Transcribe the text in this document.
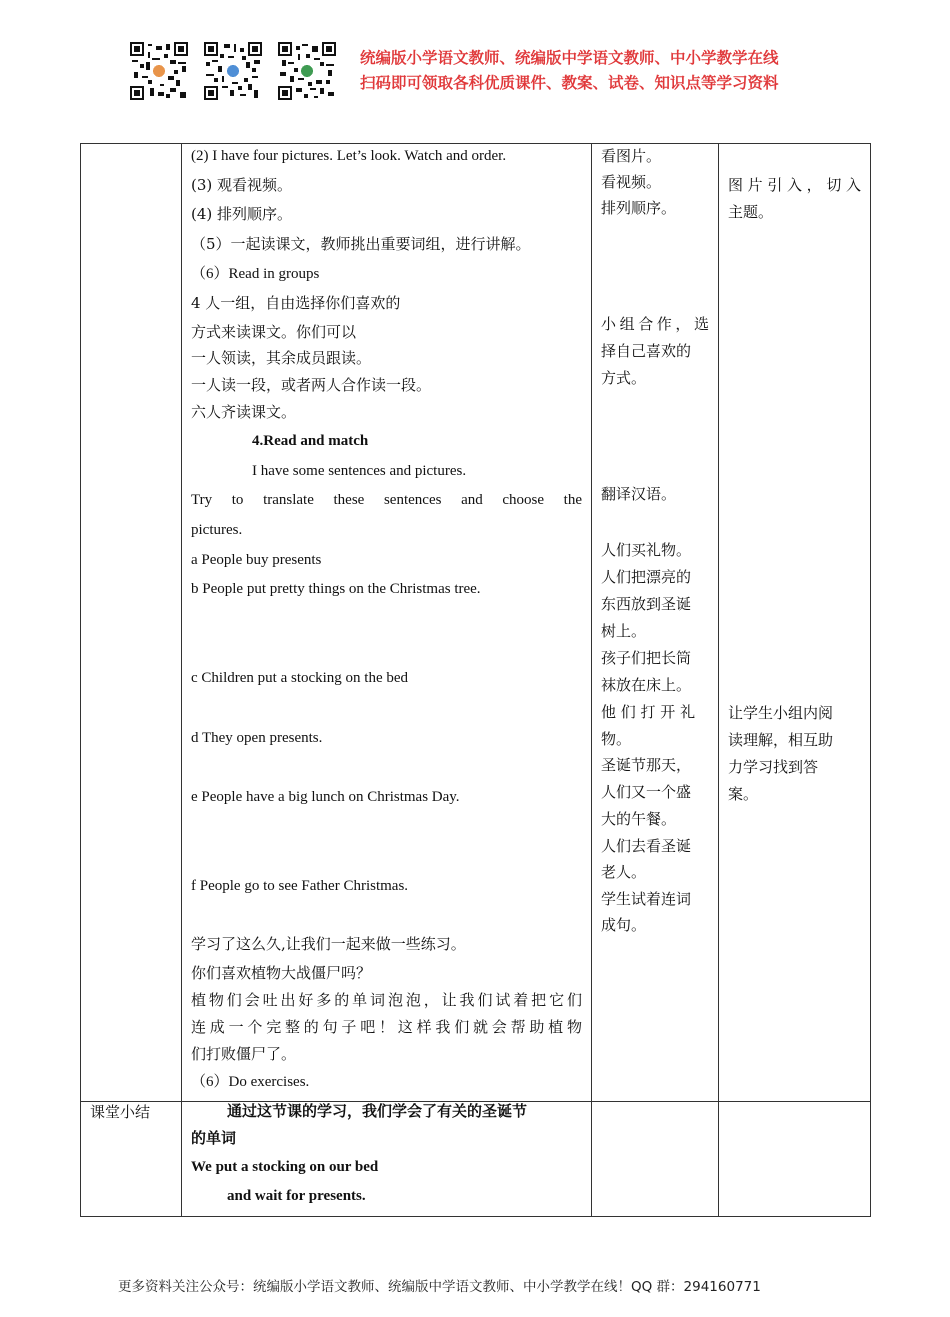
统编版小学语文教师、统编版中学语文教师、中小学教学在线
扫码即可领取各科优质课件、教案、试卷、知识点等学习资料
(2) I have four pictures. Let’s look. Watch and order.
(3) 观看视频。
(4) 排列顺序。
（5）一起读课文，教师挑出重要词组，进行讲解。
（6）Read in groups
4 人一组，自由选择你们喜欢的
方式来读课文。你们可以
一人领读，其余成员跟读。
一人读一段，或者两人合作读一段。
六人齐读课文。
4.Read and match
I have some sentences and pictures.
Try to translate these sentences and choose the
pictures.
a People buy presents
b People put pretty things on the Christmas tree.
c Children put a stocking on the bed
d They open presents.
e People have a big lunch on Christmas Day.
f People go to see Father Christmas.
学习了这么久,让我们一起来做一些练习。
你们喜欢植物大战僵尸吗？
植物们会吐出好多的单词泡泡，让我们试着把它们
连成一个完整的句子吧！这样我们就会帮助植物
们打败僵尸了。
（6）Do exercises.
看图片。
看视频。
排列顺序。
小组合作，选
择自己喜欢的
方式。
翻译汉语。
人们买礼物。
人们把漂亮的
东西放到圣诞
树上。
孩子们把长筒
袜放在床上。
他 们 打 开 礼
物。
圣诞节那天，
人们又一个盛
大的午餐。
人们去看圣诞
老人。
学生试着连词
成句。
图片引入，切入
主题。
让学生小组内阅
读理解，相互助
力学习找到答
案。
课堂小结	通过这节课的学习，我们学会了有关的圣诞节
的单词
We put a stocking on our bed
and wait for presents.
更多资料关注公众号：统编版小学语文教师、统编版中学语文教师、中小学教学在线！QQ 群：294160771
